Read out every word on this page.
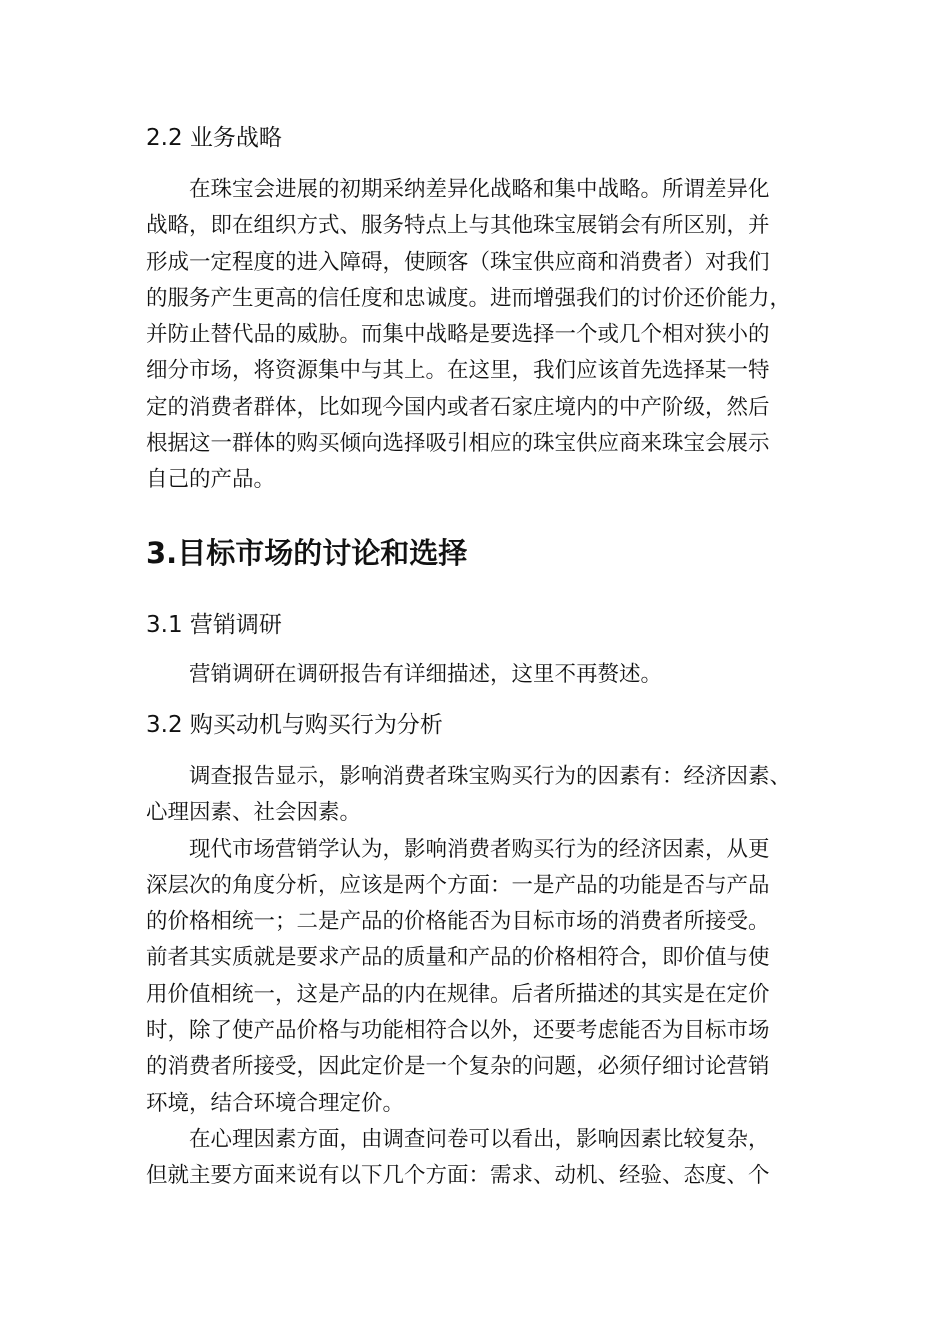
2.2 业务战略

在珠宝会进展的初期采纳差异化战略和集中战略。所谓差异化
战略，即在组织方式、服务特点上与其他珠宝展销会有所区别，并
形成一定程度的进入障碍，使顾客（珠宝供应商和消费者）对我们
的服务产生更高的信任度和忠诚度。进而增强我们的讨价还价能力，
并防止替代品的威胁。而集中战略是要选择一个或几个相对狭小的
细分市场，将资源集中与其上。在这里，我们应该首先选择某一特
定的消费者群体，比如现今国内或者石家庄境内的中产阶级，然后
根据这一群体的购买倾向选择吸引相应的珠宝供应商来珠宝会展示
自己的产品。

3.目标市场的讨论和选择
3.1 营销调研

营销调研在调研报告有详细描述，这里不再赘述。

3.2 购买动机与购买行为分析

调查报告显示，影响消费者珠宝购买行为的因素有：经济因素、
心理因素、社会因素。

现代市场营销学认为，影响消费者购买行为的经济因素，从更
深层次的角度分析，应该是两个方面：一是产品的功能是否与产品
的价格相统一；二是产品的价格能否为目标市场的消费者所接受。
前者其实质就是要求产品的质量和产品的价格相符合，即价值与使
用价值相统一，这是产品的内在规律。后者所描述的其实是在定价
时，除了使产品价格与功能相符合以外，还要考虑能否为目标市场
的消费者所接受，因此定价是一个复杂的问题，必须仔细讨论营销
环境，结合环境合理定价。

在心理因素方面，由调查问卷可以看出，影响因素比较复杂，
但就主要方面来说有以下几个方面：需求、动机、经验、态度、个
